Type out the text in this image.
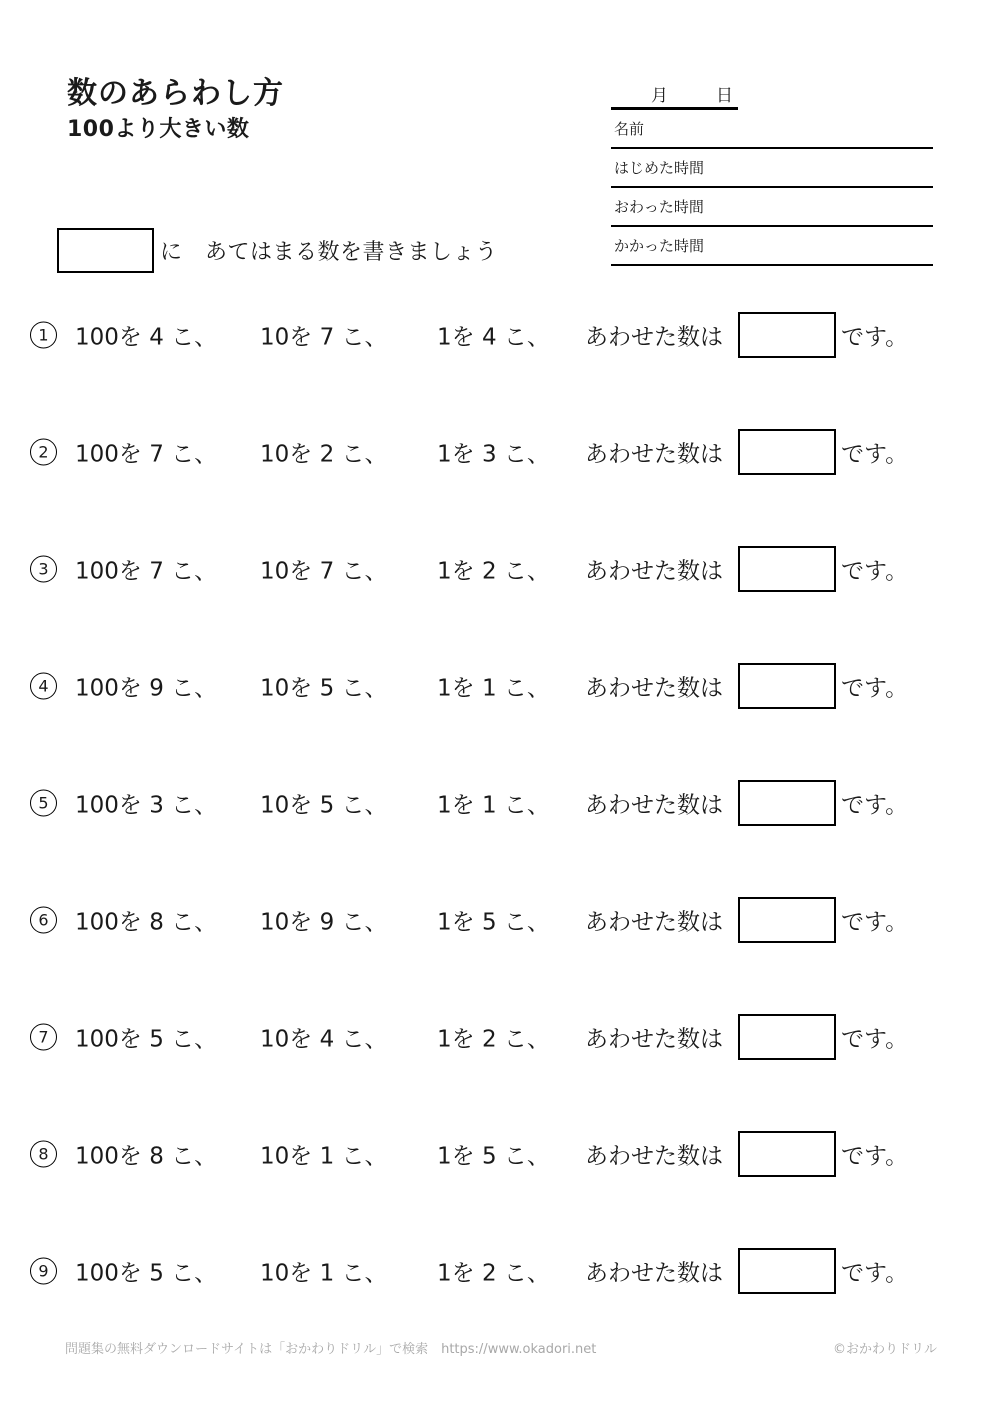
数のあらわし方
100より大きい数
月	日
名前
はじめた時間
おわった時間
かかった時間
に　あてはまる数を書きましょう
1	100を 4 こ、 10を 7 こ、 1を 4 こ、 あわせた数は	です。
2	100を 7 こ、 10を 2 こ、 1を 3 こ、 あわせた数は	です。
3	100を 7 こ、 10を 7 こ、 1を 2 こ、 あわせた数は	です。
4	100を 9 こ、 10を 5 こ、 1を 1 こ、 あわせた数は	です。
5	100を 3 こ、 10を 5 こ、 1を 1 こ、 あわせた数は	です。
6	100を 8 こ、 10を 9 こ、 1を 5 こ、 あわせた数は	です。
7	100を 5 こ、 10を 4 こ、 1を 2 こ、 あわせた数は	です。
8	100を 8 こ、 10を 1 こ、 1を 5 こ、 あわせた数は	です。
9	100を 5 こ、 10を 1 こ、 1を 2 こ、 あわせた数は	です。
問題集の無料ダウンロードサイトは「おかわりドリル」で検索　https://www.okadori.net	©おかわりドリル
